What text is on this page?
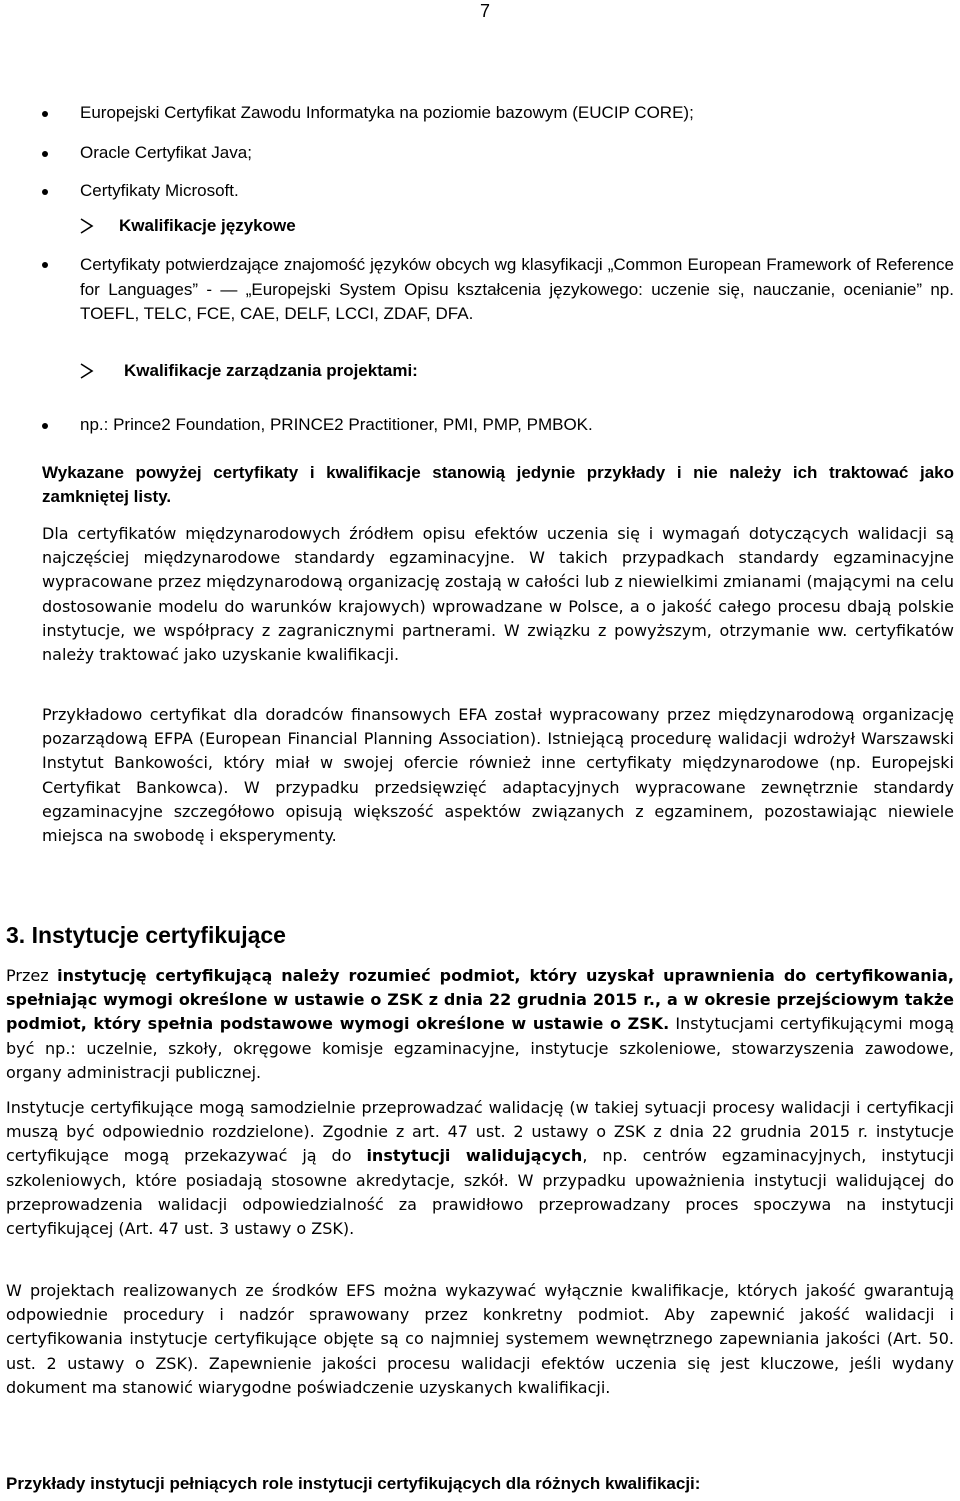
7
Europejski Certyfikat Zawodu Informatyka na poziomie bazowym (EUCIP CORE);
Oracle Certyfikat Java;
Certyfikaty Microsoft.
Kwalifikacje językowe
Certyfikaty potwierdzające znajomość języków obcych wg klasyfikacji „Common European Framework of Reference for Languages” - — „Europejski System Opisu kształcenia językowego: uczenie się, nauczanie, ocenianie” np. TOEFL, TELC, FCE, CAE, DELF, LCCI, ZDAF, DFA.
Kwalifikacje zarządzania projektami:
np.: Prince2 Foundation, PRINCE2 Practitioner, PMI, PMP, PMBOK.
Wykazane powyżej certyfikaty i kwalifikacje stanowią jedynie przykłady i nie należy ich traktować jako zamkniętej listy.
Dla certyfikatów międzynarodowych źródłem opisu efektów uczenia się i wymagań dotyczących walidacji są najczęściej międzynarodowe standardy egzaminacyjne. W takich przypadkach standardy egzaminacyjne wypracowane przez międzynarodową organizację zostają w całości lub z niewielkimi zmianami (mającymi na celu dostosowanie modelu do warunków krajowych) wprowadzane w Polsce, a o jakość całego procesu dbają polskie instytucje, we współpracy z zagranicznymi partnerami. W związku z powyższym, otrzymanie ww. certyfikatów należy traktować jako uzyskanie kwalifikacji.
Przykładowo certyfikat dla doradców finansowych EFA został wypracowany przez międzynarodową organizację pozarządową EFPA (European Financial Planning Association). Istniejącą procedurę walidacji wdrożył Warszawski Instytut Bankowości, który miał w swojej ofercie również inne certyfikaty międzynarodowe (np. Europejski Certyfikat Bankowca). W przypadku przedsięwzięć adaptacyjnych wypracowane zewnętrznie standardy egzaminacyjne szczegółowo opisują większość aspektów związanych z egzaminem, pozostawiając niewiele miejsca na swobodę i eksperymenty.
3. Instytucje certyfikujące
Przez instytucję certyfikującą należy rozumieć podmiot, który uzyskał uprawnienia do certyfikowania, spełniając wymogi określone w ustawie o ZSK z dnia 22 grudnia 2015 r., a w okresie przejściowym także podmiot, który spełnia podstawowe wymogi określone w ustawie o ZSK. Instytucjami certyfikującymi mogą być np.: uczelnie, szkoły, okręgowe komisje egzaminacyjne, instytucje szkoleniowe, stowarzyszenia zawodowe, organy administracji publicznej.
Instytucje certyfikujące mogą samodzielnie przeprowadzać walidację (w takiej sytuacji procesy walidacji i certyfikacji muszą być odpowiednio rozdzielone). Zgodnie z art. 47 ust. 2 ustawy o ZSK z dnia 22 grudnia 2015 r. instytucje certyfikujące mogą przekazywać ją do instytucji walidujących, np. centrów egzaminacyjnych, instytucji szkoleniowych, które posiadają stosowne akredytacje, szkół. W przypadku upoważnienia instytucji walidującej do przeprowadzenia walidacji odpowiedzialność za prawidłowo przeprowadzany proces spoczywa na instytucji certyfikującej (Art. 47 ust. 3 ustawy o ZSK).
W projektach realizowanych ze środków EFS można wykazywać wyłącznie kwalifikacje, których jakość gwarantują odpowiednie procedury i nadzór sprawowany przez konkretny podmiot. Aby zapewnić jakość walidacji i certyfikowania instytucje certyfikujące objęte są co najmniej systemem wewnętrznego zapewniania jakości (Art. 50. ust. 2 ustawy o ZSK). Zapewnienie jakości procesu walidacji efektów uczenia się jest kluczowe, jeśli wydany dokument ma stanowić wiarygodne poświadczenie uzyskanych kwalifikacji.
Przykłady instytucji pełniących role instytucji certyfikujących dla różnych kwalifikacji:
